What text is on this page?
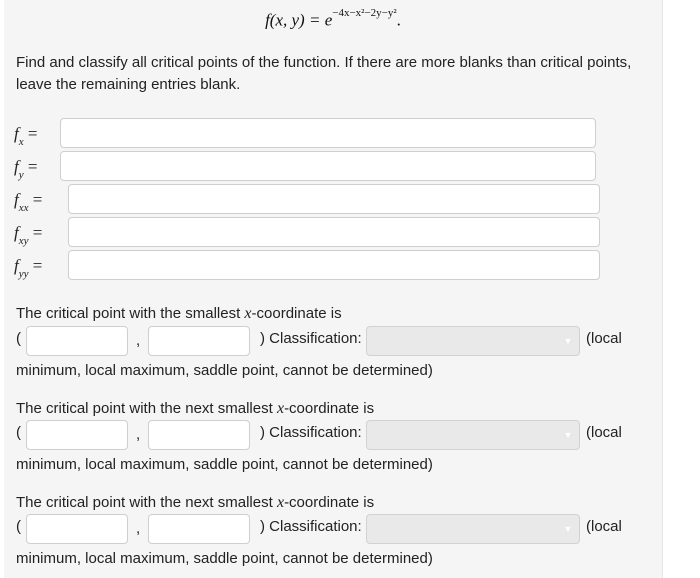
f(x, $y) = e^{-4x-x^2-2y-y^2}$.
Find and classify all critical points of the function. If there are more blanks than critical points, leave the remaining entries blank.
$f_x$ =
$f_y$ =
$f_{xx}$ =
$f_{xy}$ =
$f_{yy}$ =
The critical point with the smallest x-coordinate is
(	,	) Classification:	▼ (local
minimum, local maximum, saddle point, cannot be determined)
The critical point with the next smallest x-coordinate is
(	,	) Classification:	▼ (local
minimum, local maximum, saddle point, cannot be determined)
The critical point with the next smallest x-coordinate is
(	,	) Classification:	▼ (local
minimum, local maximum, saddle point, cannot be determined)
